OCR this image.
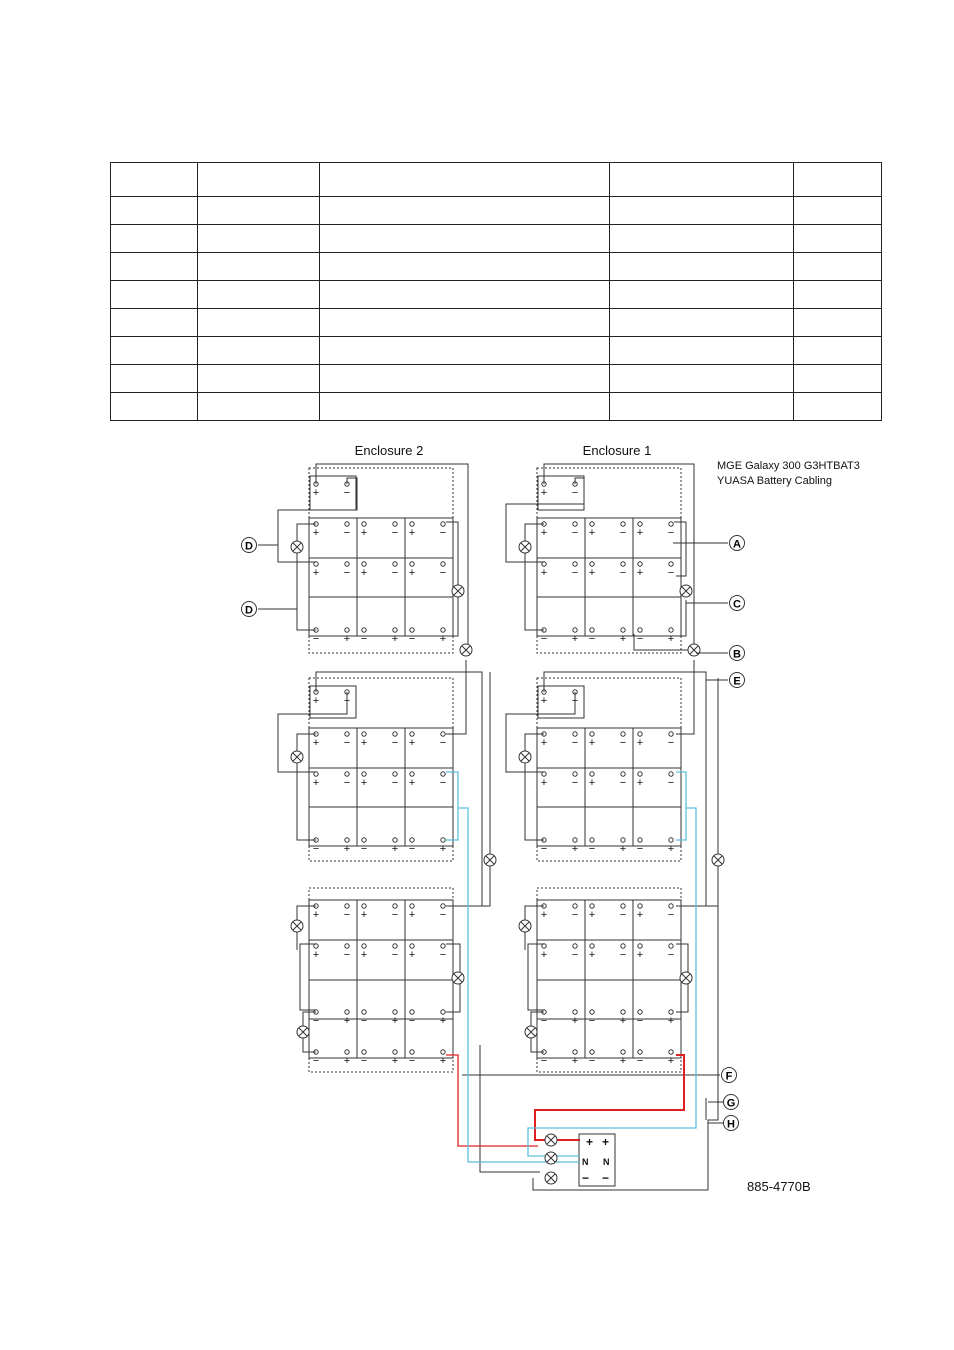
+ − + − + −
+ − + − + −
− + − + − +
+ − + − + −
+ − + − + −
− + − + − +
+ − + − + −
+ − + − + −
− + − + − +
− + − + − +
+ −
+ −
+ − + − + −
+ − + − + −
− + − + − +
+ − + − + −
+ − + − + −
− + − + − +
+ − + − + −
+ − + − + −
− + − + − +
− + − + − +
+ −
+ −
Enclosure 2	Enclosure 1
MGE Galaxy 300 G3HTBAT3
YUASA Battery Cabling
885-4770B
+ +
N N
− −
A
C
B
E
D
D
F
G
H
